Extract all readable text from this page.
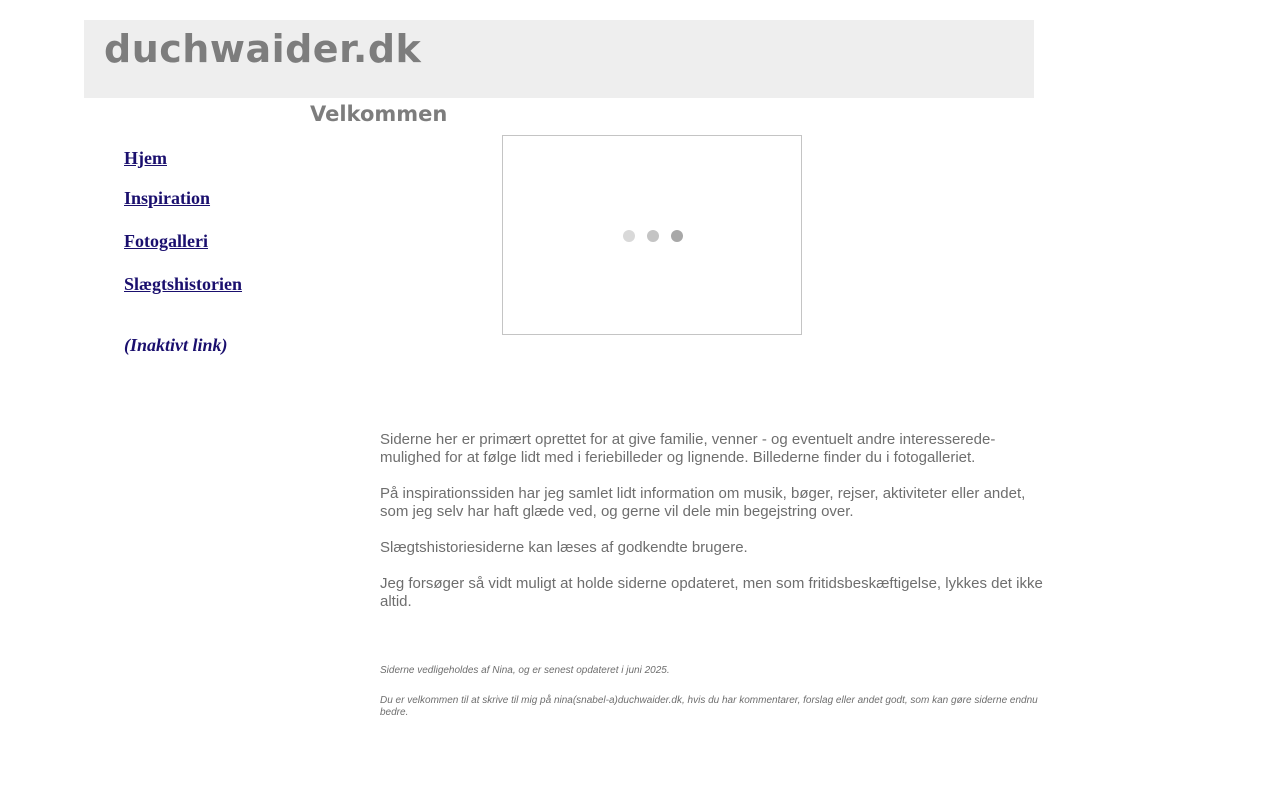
duchwaider.dk
Velkommen
Hjem
Inspiration
Fotogalleri
Slægtshistorien
(Inaktivt link)

Siderne her er primært oprettet for at give familie, venner - og eventuelt andre interesserede- mulighed for at følge lidt med i feriebilleder og lignende. Billederne finder du i fotogalleriet.

På inspirationssiden har jeg samlet lidt information om musik, bøger, rejser, aktiviteter eller andet, som jeg selv har haft glæde ved, og gerne vil dele min begejstring over.

Slægtshistoriesiderne kan læses af godkendte brugere.

Jeg forsøger så vidt muligt at holde siderne opdateret, men som fritidsbeskæftigelse, lykkes det ikke altid.

Siderne vedligeholdes af Nina, og er senest opdateret i juni 2025.

Du er velkommen til at skrive til mig på nina(snabel-a)duchwaider.dk, hvis du har kommentarer, forslag eller andet godt, som kan gøre siderne endnu bedre.
